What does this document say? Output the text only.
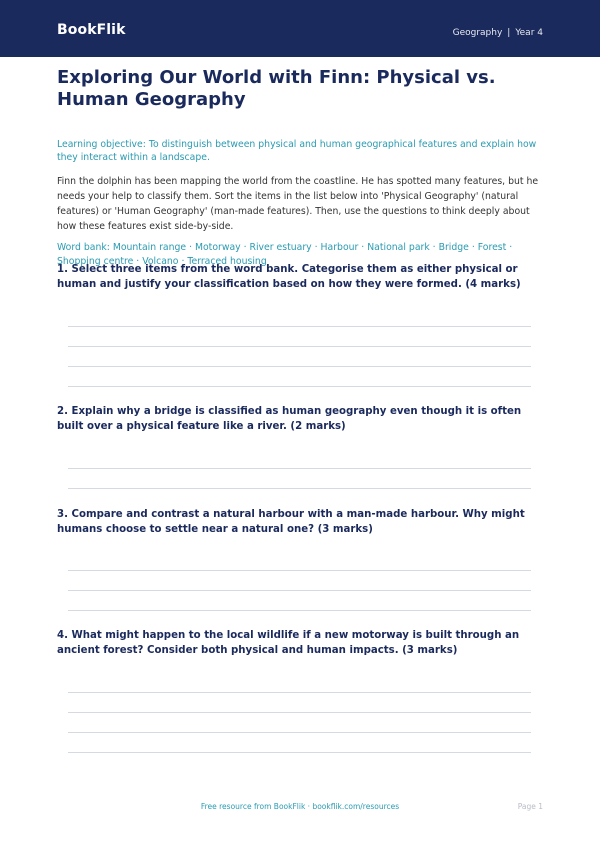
BookFlik	Geography | Year 4
Exploring Our World with Finn: Physical vs. Human Geography

Learning objective: To distinguish between physical and human geographical features and explain how they interact within a landscape.

Finn the dolphin has been mapping the world from the coastline. He has spotted many features, but he needs your help to classify them. Sort the items in the list below into 'Physical Geography' (natural features) or 'Human Geography' (man-made features). Then, use the questions to think deeply about how these features exist side-by-side.

Word bank: Mountain range · Motorway · River estuary · Harbour · National park · Bridge · Forest · Shopping centre · Volcano · Terraced housing

1. Select three items from the word bank. Categorise them as either physical or human and justify your classification based on how they were formed. (4 marks)

2. Explain why a bridge is classified as human geography even though it is often built over a physical feature like a river. (2 marks)

3. Compare and contrast a natural harbour with a man-made harbour. Why might humans choose to settle near a natural one? (3 marks)

4. What might happen to the local wildlife if a new motorway is built through an ancient forest? Consider both physical and human impacts. (3 marks)

Free resource from BookFlik · bookflik.com/resources	Page 1
